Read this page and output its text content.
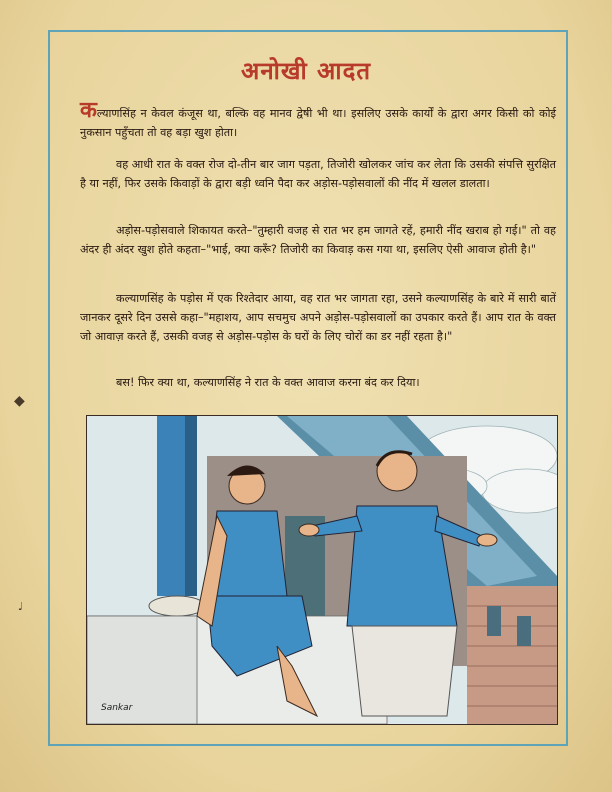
अनोखी आदत
कल्याणसिंह न केवल कंजूस था, बल्कि वह मानव द्वेषी भी था। इसलिए उसके कार्यों के द्वारा अगर किसी को कोई नुकसान पहुँचता तो वह बड़ा खुश होता।
वह आधी रात के वक्त रोज दो-तीन बार जाग पड़ता, तिजोरी खोलकर जांच कर लेता कि उसकी संपत्ति सुरक्षित है या नहीं, फिर उसके किवाड़ों के द्वारा बड़ी ध्वनि पैदा कर अड़ोस-पड़ोसवालों की नींद में खलल डालता।
अड़ोस-पड़ोसवाले शिकायत करते–"तुम्हारी वजह से रात भर हम जागते रहें, हमारी नींद खराब हो गई।" तो वह अंदर ही अंदर खुश होते कहता–"भाई, क्या करूँ? तिजोरी का किवाड़ कस गया था, इसलिए ऐसी आवाज होती है।"
कल्याणसिंह के पड़ोस में एक रिश्तेदार आया, वह रात भर जागता रहा, उसने कल्याणसिंह के बारे में सारी बातें जानकर दूसरे दिन उससे कहा–"महाशय, आप सचमुच अपने अड़ोस-पड़ोसवालों का उपकार करते हैं। आप रात के वक्त जो आवाज़ करते हैं, उसकी वजह से अड़ोस-पड़ोस के घरों के लिए चोरों का डर नहीं रहता है।"
बस! फिर क्या था, कल्याणसिंह ने रात के वक्त आवाज करना बंद कर दिया।
◆
♩
Sankar
